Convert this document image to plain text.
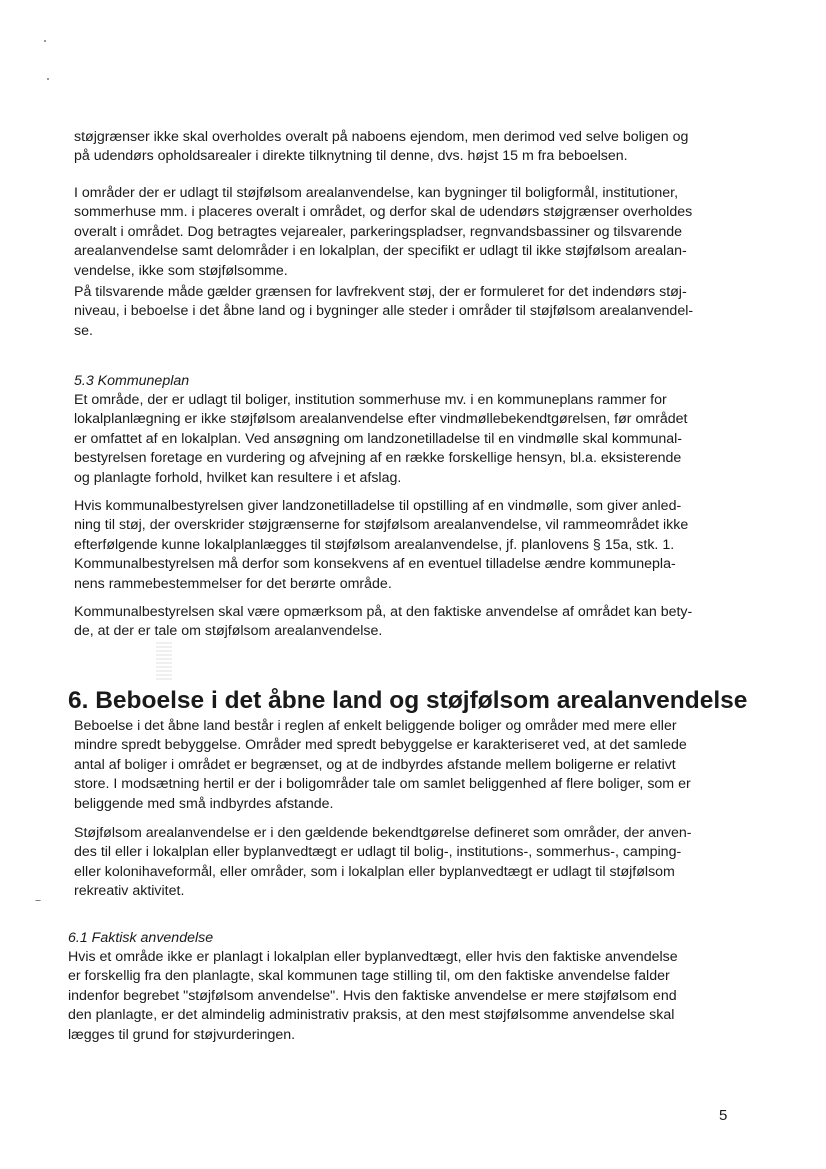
støjgrænser ikke skal overholdes overalt på naboens ejendom, men derimod ved selve boligen og
på udendørs opholdsarealer i direkte tilknytning til denne, dvs. højst 15 m fra beboelsen.
I områder der er udlagt til støjfølsom arealanvendelse, kan bygninger til boligformål, institutioner,
sommerhuse mm. i placeres overalt i området, og derfor skal de udendørs støjgrænser overholdes
overalt i området. Dog betragtes vejarealer, parkeringspladser, regnvandsbassiner og tilsvarende
arealanvendelse samt delområder i en lokalplan, der specifikt er udlagt til ikke støjfølsom arealan-
vendelse, ikke som støjfølsomme.
På tilsvarende måde gælder grænsen for lavfrekvent støj, der er formuleret for det indendørs støj-
niveau, i beboelse i det åbne land og i bygninger alle steder i områder til støjfølsom arealanvendel-
se.

5.3 Kommuneplan

Et område, der er udlagt til boliger, institution sommerhuse mv. i en kommuneplans rammer for
lokalplanlægning er ikke støjfølsom arealanvendelse efter vindmøllebekendtgørelsen, før området
er omfattet af en lokalplan. Ved ansøgning om landzonetilladelse til en vindmølle skal kommunal-
bestyrelsen foretage en vurdering og afvejning af en række forskellige hensyn, bl.a. eksisterende
og planlagte forhold, hvilket kan resultere i et afslag.
Hvis kommunalbestyrelsen giver landzonetilladelse til opstilling af en vindmølle, som giver anled-
ning til støj, der overskrider støjgrænserne for støjfølsom arealanvendelse, vil rammeområdet ikke
efterfølgende kunne lokalplanlægges til støjfølsom arealanvendelse, jf. planlovens § 15a, stk. 1.
Kommunalbestyrelsen må derfor som konsekvens af en eventuel tilladelse ændre kommunepla-
nens rammebestemmelser for det berørte område.
Kommunalbestyrelsen skal være opmærksom på, at den faktiske anvendelse af området kan bety-
de, at der er tale om støjfølsom arealanvendelse.
6. Beboelse i det åbne land og støjfølsom arealanvendelse
Beboelse i det åbne land består i reglen af enkelt beliggende boliger og områder med mere eller
mindre spredt bebyggelse. Områder med spredt bebyggelse er karakteriseret ved, at det samlede
antal af boliger i området er begrænset, og at de indbyrdes afstande mellem boligerne er relativt
store. I modsætning hertil er der i boligområder tale om samlet beliggenhed af flere boliger, som er
beliggende med små indbyrdes afstande.
Støjfølsom arealanvendelse er i den gældende bekendtgørelse defineret som områder, der anven-
des til eller i lokalplan eller byplanvedtægt er udlagt til bolig-, institutions-, sommerhus-, camping-
eller kolonihaveformål, eller områder, som i lokalplan eller byplanvedtægt er udlagt til støjfølsom
rekreativ aktivitet.

6.1 Faktisk anvendelse

Hvis et område ikke er planlagt i lokalplan eller byplanvedtægt, eller hvis den faktiske anvendelse
er forskellig fra den planlagte, skal kommunen tage stilling til, om den faktiske anvendelse falder
indenfor begrebet "støjfølsom anvendelse". Hvis den faktiske anvendelse er mere støjfølsom end
den planlagte, er det almindelig administrativ praksis, at den mest støjfølsomme anvendelse skal
lægges til grund for støjvurderingen.

5
